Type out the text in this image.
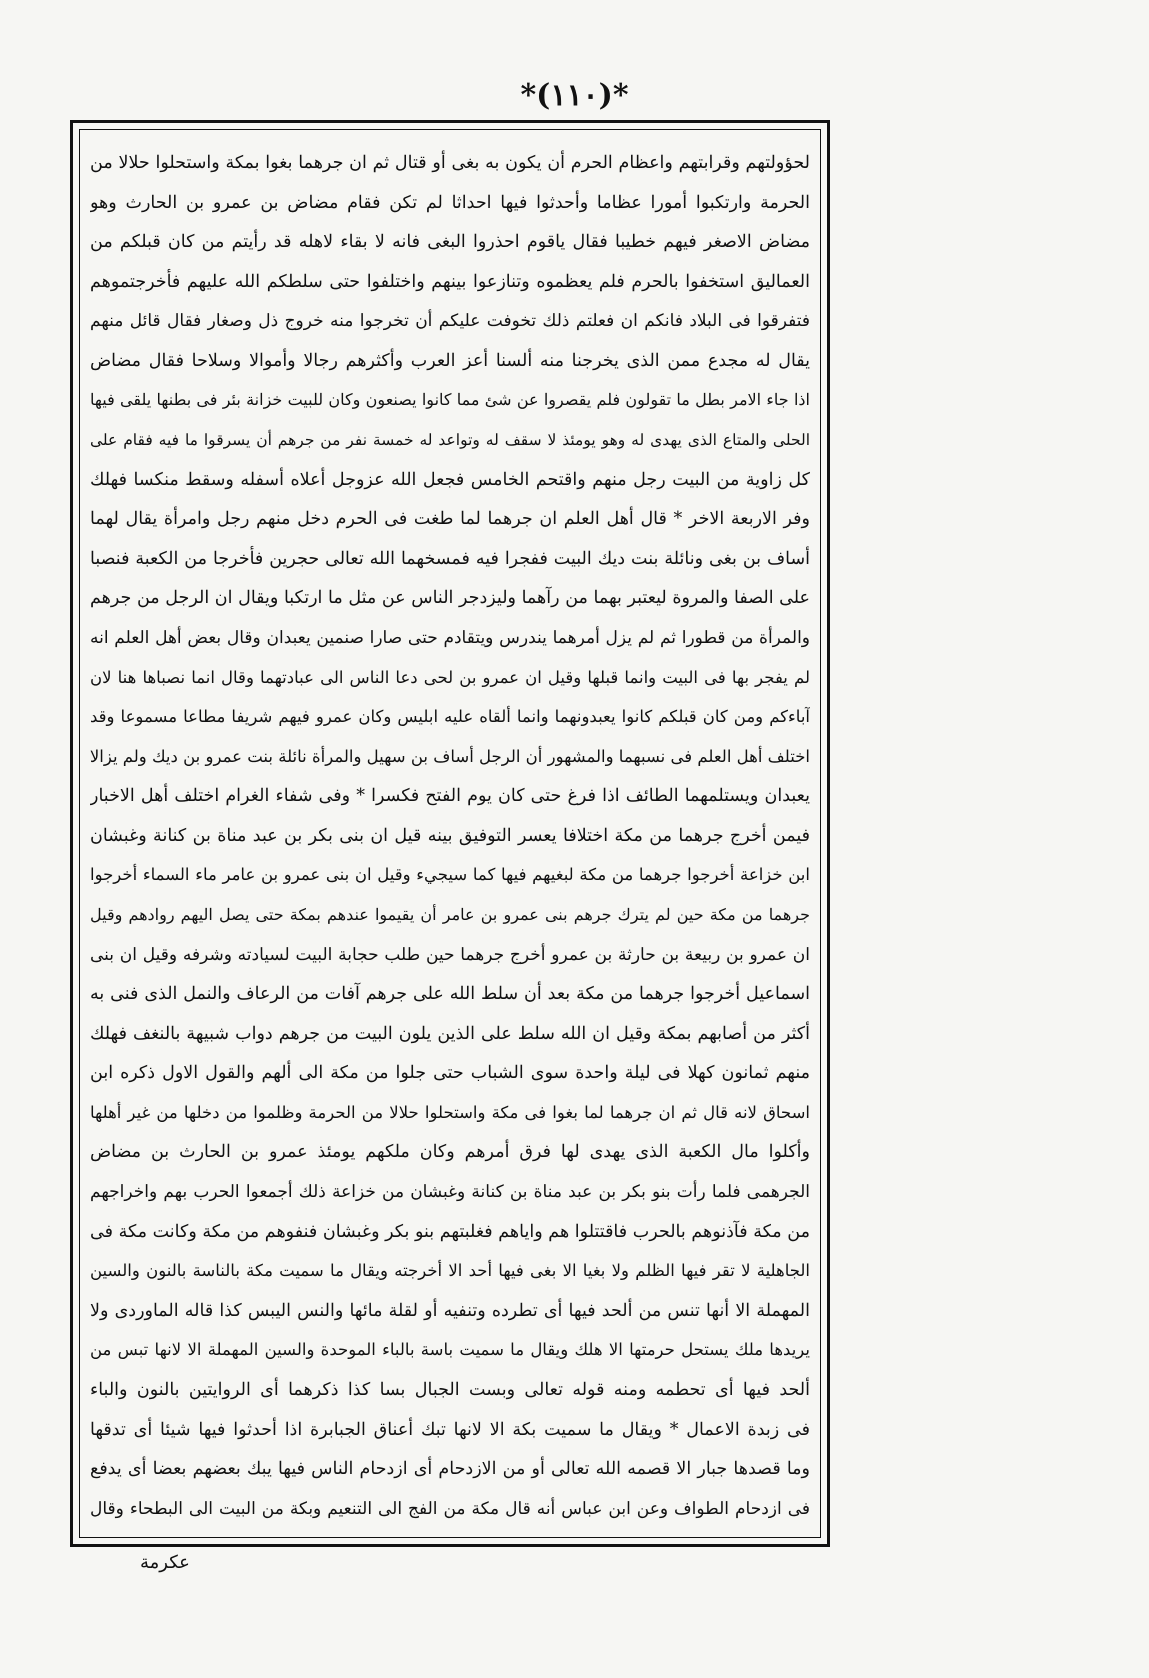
*(١١٠)*
لحؤولتهم وقرابتهم واعظام الحرم أن يكون به بغى أو قتال ثم ان جرهما بغوا بمكة واستحلوا حلالا من
الحرمة وارتكبوا أمورا عظاما وأحدثوا فيها احداثا لم تكن فقام مضاض بن عمرو بن الحارث وهو
مضاض الاصغر فيهم خطيبا فقال ياقوم احذروا البغى فانه لا بقاء لاهله قد رأيتم من كان قبلكم من
العماليق استخفوا بالحرم فلم يعظموه وتنازعوا بينهم واختلفوا حتى سلطكم الله عليهم فأخرجتموهم
فتفرقوا فى البلاد فانكم ان فعلتم ذلك تخوفت عليكم أن تخرجوا منه خروج ذل وصغار فقال قائل منهم
يقال له مجدع ممن الذى يخرجنا منه ألسنا أعز العرب وأكثرهم رجالا وأموالا وسلاحا فقال مضاض
اذا جاء الامر بطل ما تقولون فلم يقصروا عن شئ مما كانوا يصنعون وكان للبيت خزانة بئر فى بطنها يلقى فيها
الحلى والمتاع الذى يهدى له وهو يومئذ لا سقف له وتواعد له خمسة نفر من جرهم أن يسرقوا ما فيه فقام على
كل زاوية من البيت رجل منهم واقتحم الخامس فجعل الله عزوجل أعلاه أسفله وسقط منكسا فهلك
وفر الاربعة الاخر * قال أهل العلم ان جرهما لما طغت فى الحرم دخل منهم رجل وامرأة يقال لهما
أساف بن بغى ونائلة بنت ديك البيت ففجرا فيه فمسخهما الله تعالى حجرين فأخرجا من الكعبة فنصبا
على الصفا والمروة ليعتبر بهما من رآهما وليزدجر الناس عن مثل ما ارتكبا ويقال ان الرجل من جرهم
والمرأة من قطورا ثم لم يزل أمرهما يندرس ويتقادم حتى صارا صنمين يعبدان وقال بعض أهل العلم انه
لم يفجر بها فى البيت وانما قبلها وقيل ان عمرو بن لحى دعا الناس الى عبادتهما وقال انما نصباها هنا لان
آباءكم ومن كان قبلكم كانوا يعبدونهما وانما ألقاه عليه ابليس وكان عمرو فيهم شريفا مطاعا مسموعا وقد
اختلف أهل العلم فى نسبهما والمشهور أن الرجل أساف بن سهيل والمرأة نائلة بنت عمرو بن ديك ولم يزالا
يعبدان ويستلمهما الطائف اذا فرغ حتى كان يوم الفتح فكسرا * وفى شفاء الغرام اختلف أهل الاخبار
فيمن أخرج جرهما من مكة اختلافا يعسر التوفيق بينه قيل ان بنى بكر بن عبد مناة بن كنانة وغبشان
ابن خزاعة أخرجوا جرهما من مكة لبغيهم فيها كما سيجيء وقيل ان بنى عمرو بن عامر ماء السماء أخرجوا
جرهما من مكة حين لم يترك جرهم بنى عمرو بن عامر أن يقيموا عندهم بمكة حتى يصل اليهم روادهم وقيل
ان عمرو بن ربيعة بن حارثة بن عمرو أخرج جرهما حين طلب حجابة البيت لسيادته وشرفه وقيل ان بنى
اسماعيل أخرجوا جرهما من مكة بعد أن سلط الله على جرهم آفات من الرعاف والنمل الذى فنى به
أكثر من أصابهم بمكة وقيل ان الله سلط على الذين يلون البيت من جرهم دواب شبيهة بالنغف فهلك
منهم ثمانون كهلا فى ليلة واحدة سوى الشباب حتى جلوا من مكة الى ألهم والقول الاول ذكره ابن
اسحاق لانه قال ثم ان جرهما لما بغوا فى مكة واستحلوا حلالا من الحرمة وظلموا من دخلها من غير أهلها
وأكلوا مال الكعبة الذى يهدى لها فرق أمرهم وكان ملكهم يومئذ عمرو بن الحارث بن مضاض
الجرهمى فلما رأت بنو بكر بن عبد مناة بن كنانة وغبشان من خزاعة ذلك أجمعوا الحرب بهم واخراجهم
من مكة فآذنوهم بالحرب فاقتتلوا هم واياهم فغلبتهم بنو بكر وغبشان فنفوهم من مكة وكانت مكة فى
الجاهلية لا تقر فيها الظلم ولا بغيا الا بغى فيها أحد الا أخرجته ويقال ما سميت مكة بالناسة بالنون والسين
المهملة الا أنها تنس من ألحد فيها أى تطرده وتنفيه أو لقلة مائها والنس اليبس كذا قاله الماوردى ولا
يريدها ملك يستحل حرمتها الا هلك ويقال ما سميت باسة بالباء الموحدة والسين المهملة الا لانها تبس من
ألحد فيها أى تحطمه ومنه قوله تعالى وبست الجبال بسا كذا ذكرهما أى الروايتين بالنون والباء
فى زبدة الاعمال * ويقال ما سميت بكة الا لانها تبك أعناق الجبابرة اذا أحدثوا فيها شيئا أى تدقها
وما قصدها جبار الا قصمه الله تعالى أو من الازدحام أى ازدحام الناس فيها يبك بعضهم بعضا أى يدفع
فى ازدحام الطواف وعن ابن عباس أنه قال مكة من الفج الى التنعيم وبكة من البيت الى البطحاء وقال
عكرمة
